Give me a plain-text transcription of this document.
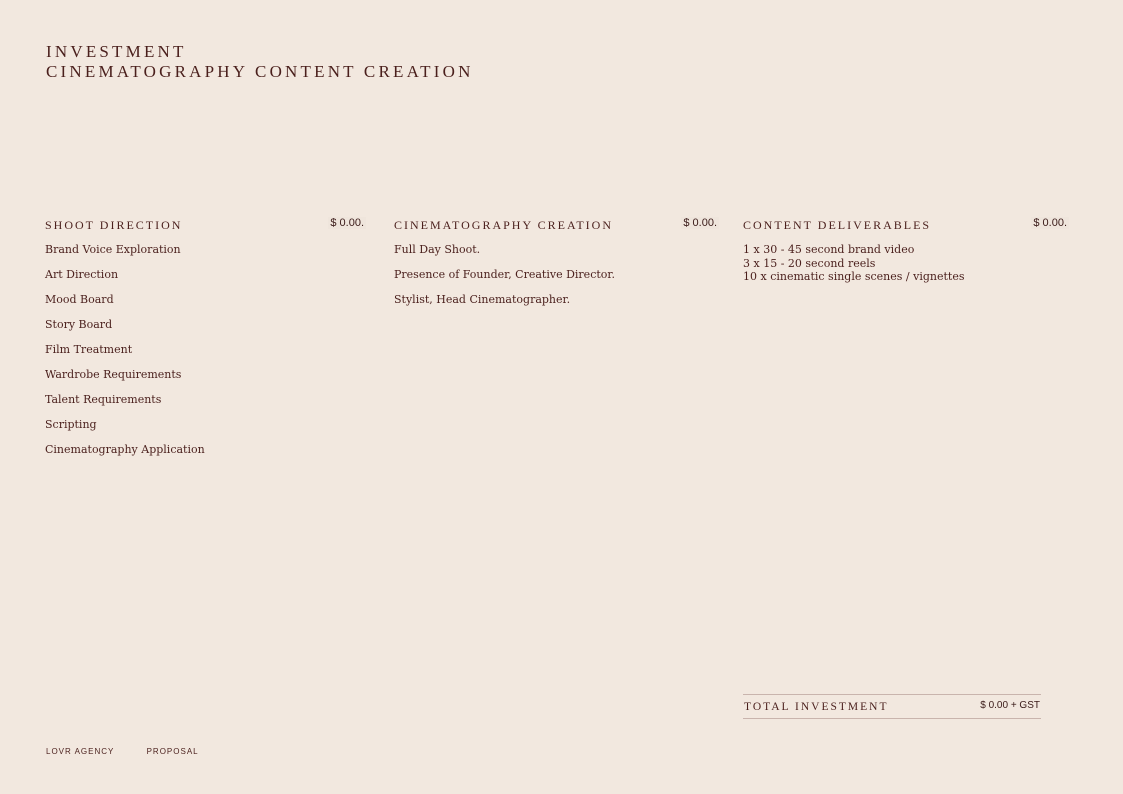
INVESTMENT
CINEMATOGRAPHY CONTENT CREATION
SHOOT DIRECTION	$ 0.00.
Brand Voice Exploration
Art Direction
Mood Board
Story Board
Film Treatment
Wardrobe Requirements
Talent Requirements
Scripting
Cinematography Application
CINEMATOGRAPHY CREATION	$ 0.00.
Full Day Shoot.
Presence of Founder, Creative Director.
Stylist, Head Cinematographer.
CONTENT DELIVERABLES	$ 0.00.
1 x 30 - 45 second brand video
3 x 15 - 20 second reels
10 x cinematic single scenes / vignettes
TOTAL INVESTMENT	$ 0.00 + GST
LOVR AGENCY	PROPOSAL
